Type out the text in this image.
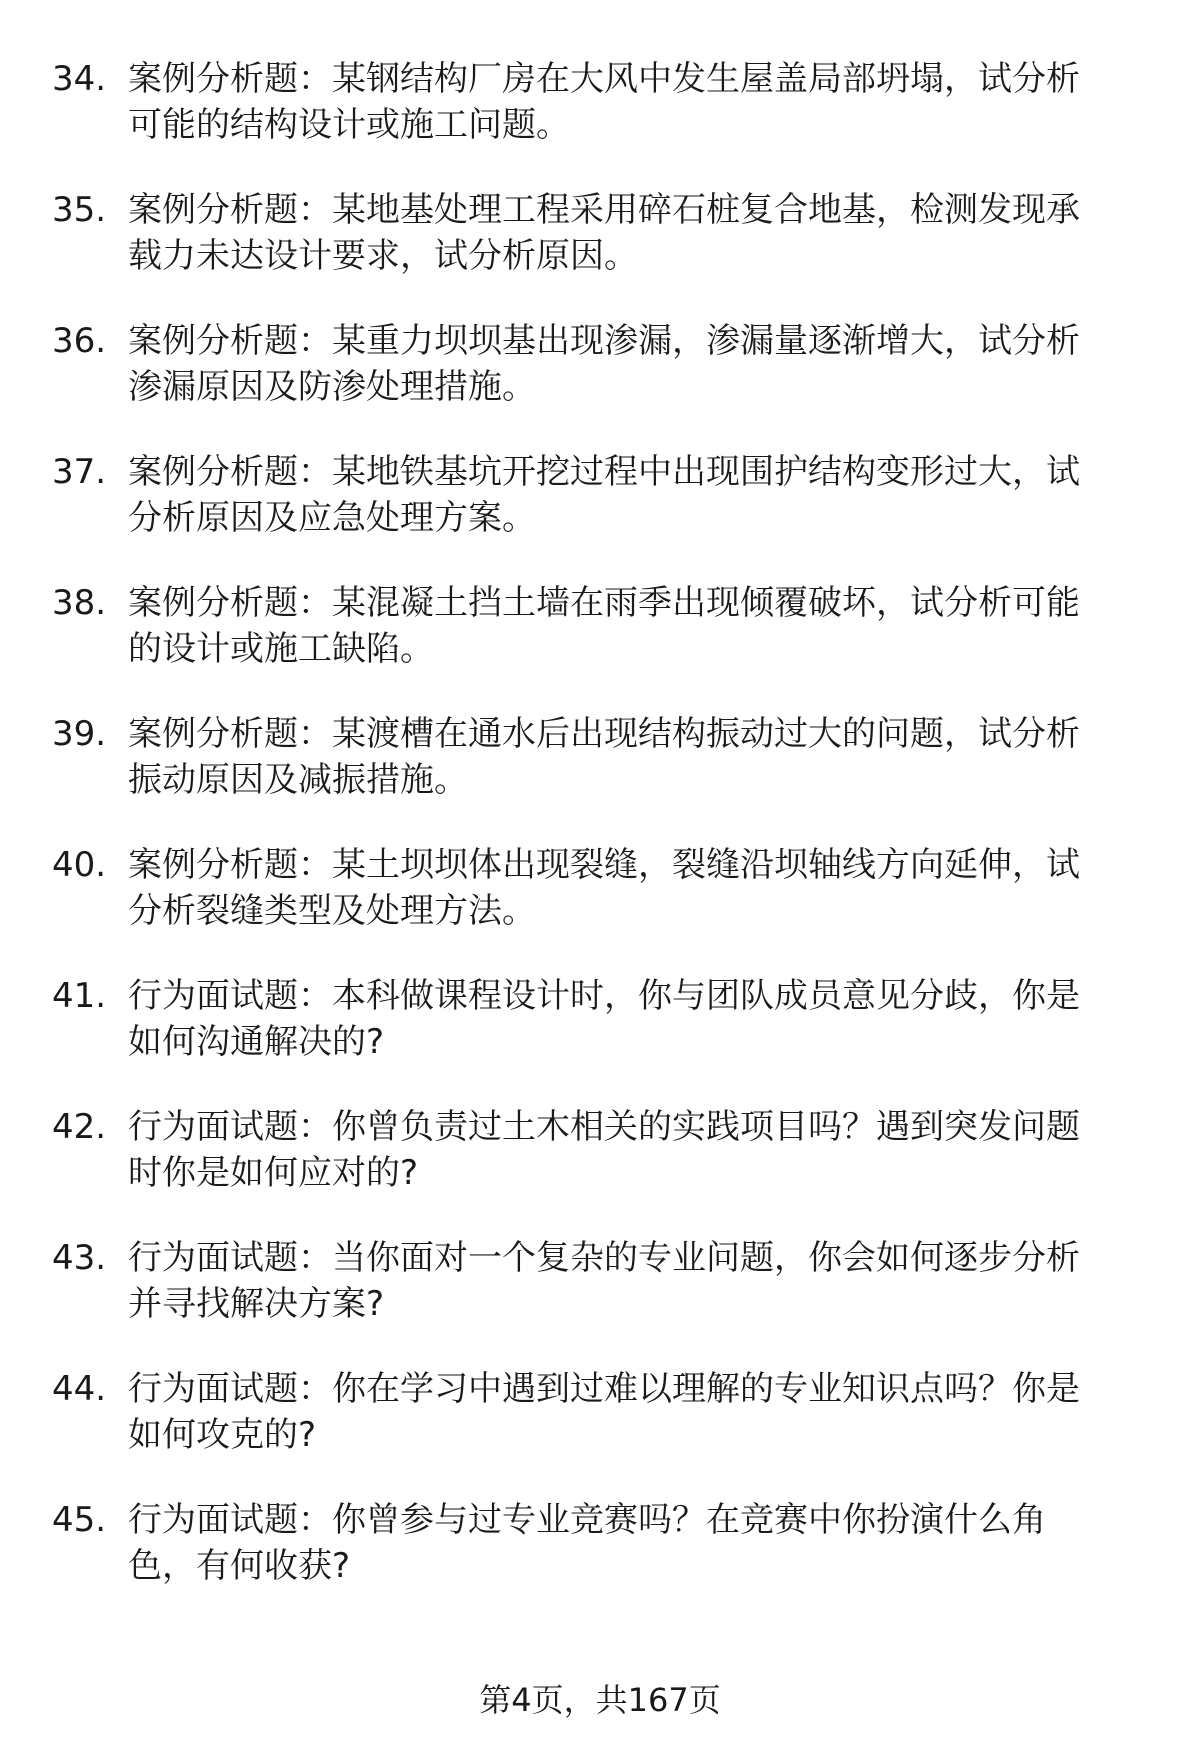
34. 案例分析题：某钢结构厂房在大风中发生屋盖局部坍塌，试分析
可能的结构设计或施工问题。
35. 案例分析题：某地基处理工程采用碎石桩复合地基，检测发现承
载力未达设计要求，试分析原因。
36. 案例分析题：某重力坝坝基出现渗漏，渗漏量逐渐增大，试分析
渗漏原因及防渗处理措施。
37. 案例分析题：某地铁基坑开挖过程中出现围护结构变形过大，试
分析原因及应急处理方案。
38. 案例分析题：某混凝土挡土墙在雨季出现倾覆破坏，试分析可能
的设计或施工缺陷。
39. 案例分析题：某渡槽在通水后出现结构振动过大的问题，试分析
振动原因及减振措施。
40. 案例分析题：某土坝坝体出现裂缝，裂缝沿坝轴线方向延伸，试
分析裂缝类型及处理方法。
41. 行为面试题：本科做课程设计时，你与团队成员意见分歧，你是
如何沟通解决的?
42. 行为面试题：你曾负责过土木相关的实践项目吗？遇到突发问题
时你是如何应对的?
43. 行为面试题：当你面对一个复杂的专业问题，你会如何逐步分析
并寻找解决方案?
44. 行为面试题：你在学习中遇到过难以理解的专业知识点吗？你是
如何攻克的?
45. 行为面试题：你曾参与过专业竞赛吗？在竞赛中你扮演什么角
色，有何收获?
第4页，共167页
